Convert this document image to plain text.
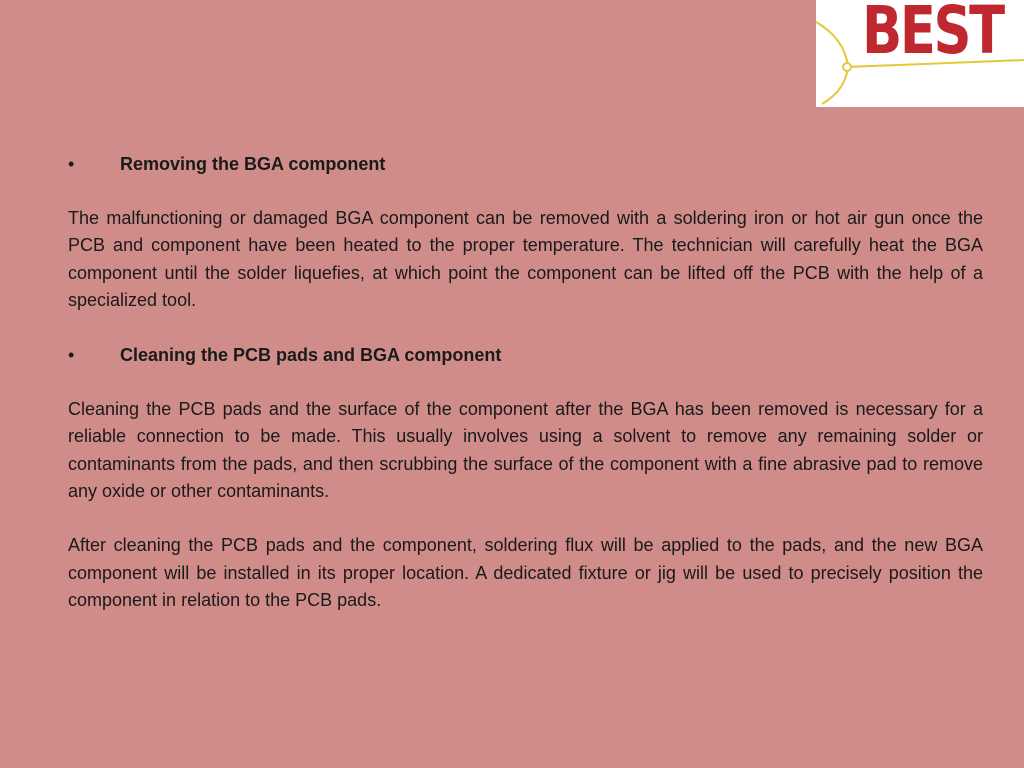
BEST
•	Removing the BGA component

The malfunctioning or damaged BGA component can be removed with a soldering iron or hot air gun once the PCB and component have been heated to the proper temperature. The technician will carefully heat the BGA component until the solder liquefies, at which point the component can be lifted off the PCB with the help of a specialized tool.

•	Cleaning the PCB pads and BGA component

Cleaning the PCB pads and the surface of the component after the BGA has been removed is necessary for a reliable connection to be made. This usually involves using a solvent to remove any remaining solder or contaminants from the pads, and then scrubbing the surface of the component with a fine abrasive pad to remove any oxide or other contaminants.

After cleaning the PCB pads and the component, soldering flux will be applied to the pads, and the new BGA component will be installed in its proper location. A dedicated fixture or jig will be used to precisely position the component in relation to the PCB pads.
